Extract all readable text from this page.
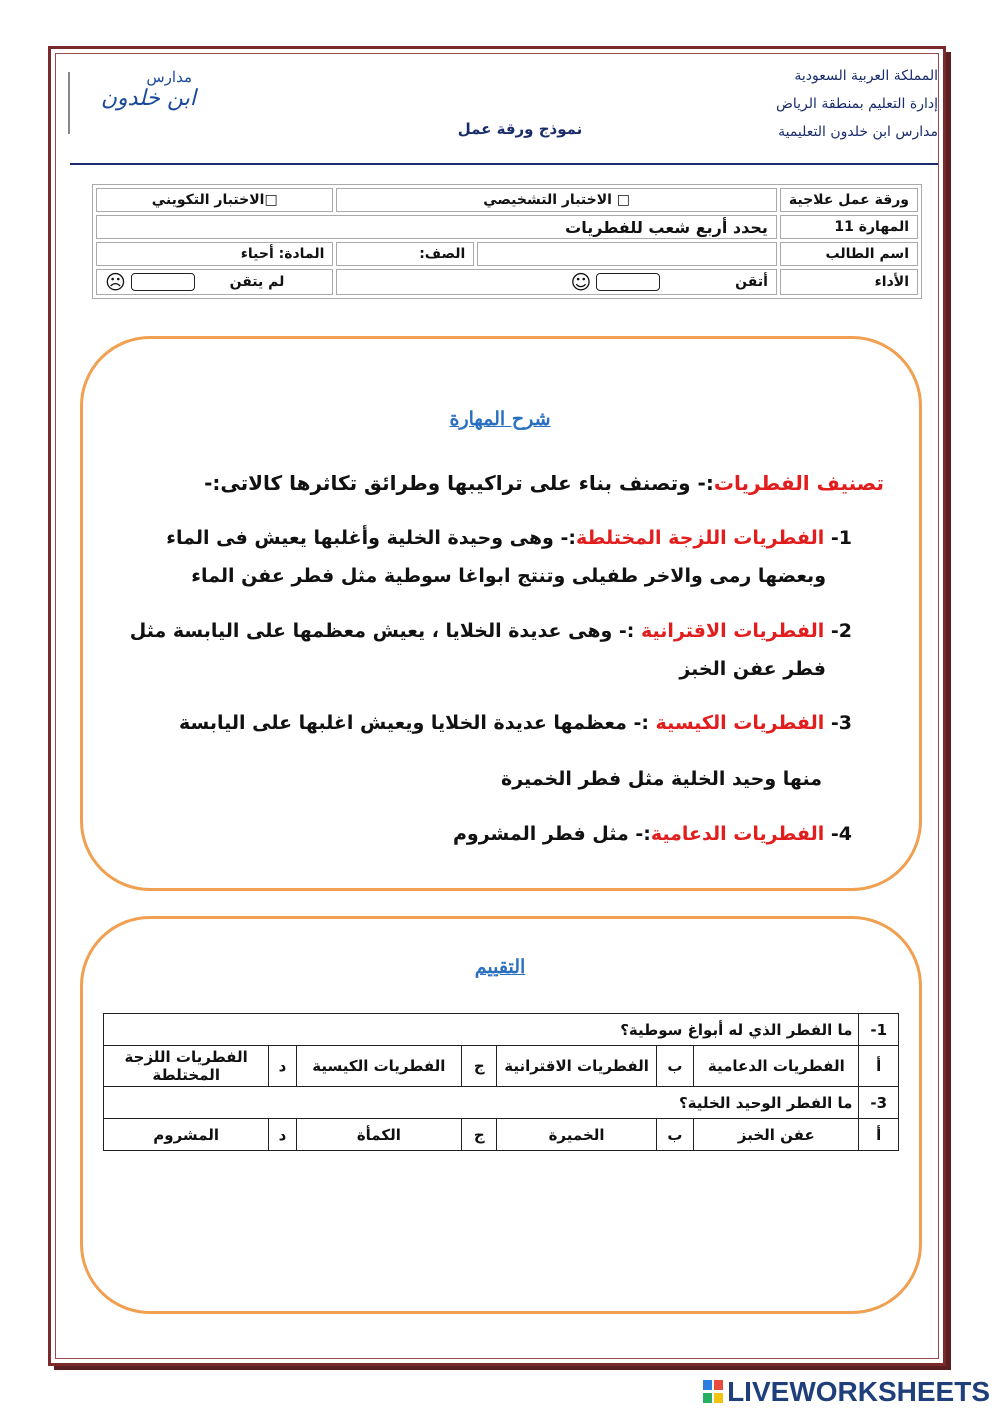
المملكة العربية السعودية
إدارة التعليم بمنطقة الرياض
مدارس ابن خلدون التعليمية
نموذج ورقة عمل
مدارس
ابن خلدون
ورقة عمل علاجية	□ الاختبار التشخيصي		□الاختبار التكويني
المهارة 11	يحدد أربع شعب للفطريات		
اسم الطالب		الصف:	المادة: أحياء
الأداء	أتقن  ☺		لم يتقن  ☹
شرح المهارة
تصنيف الفطريات:- وتصنف بناء على تراكيبها وطرائق تكاثرها كالاتى:-
1- الفطريات اللزجة المختلطة:- وهى وحيدة الخلية وأغلبها يعيش فى الماء
وبعضها رمى والاخر طفيلى وتنتج ابواغا سوطية مثل فطر عفن الماء
2- الفطريات الاقترانية :- وهى عديدة الخلايا ، يعيش معظمها على اليابسة مثل
فطر عفن الخبز
3- الفطريات الكيسية :- معظمها عديدة الخلايا ويعيش اغلبها على اليابسة
منها وحيد الخلية مثل فطر الخميرة
4- الفطريات الدعامية:- مثل فطر المشروم
التقييم
1-	ما الفطر الذي له أبواغ سوطية؟						
أ	الفطريات الدعامية	ب	الفطريات الاقترانية	ج	الفطريات الكيسية	د	الفطريات اللزجة المختلطة
3-	ما الفطر الوحيد الخلية؟						
أ	عفن الخبز	ب	الخميرة	ج	الكمأة	د	المشروم
LIVEWORKSHEETS
